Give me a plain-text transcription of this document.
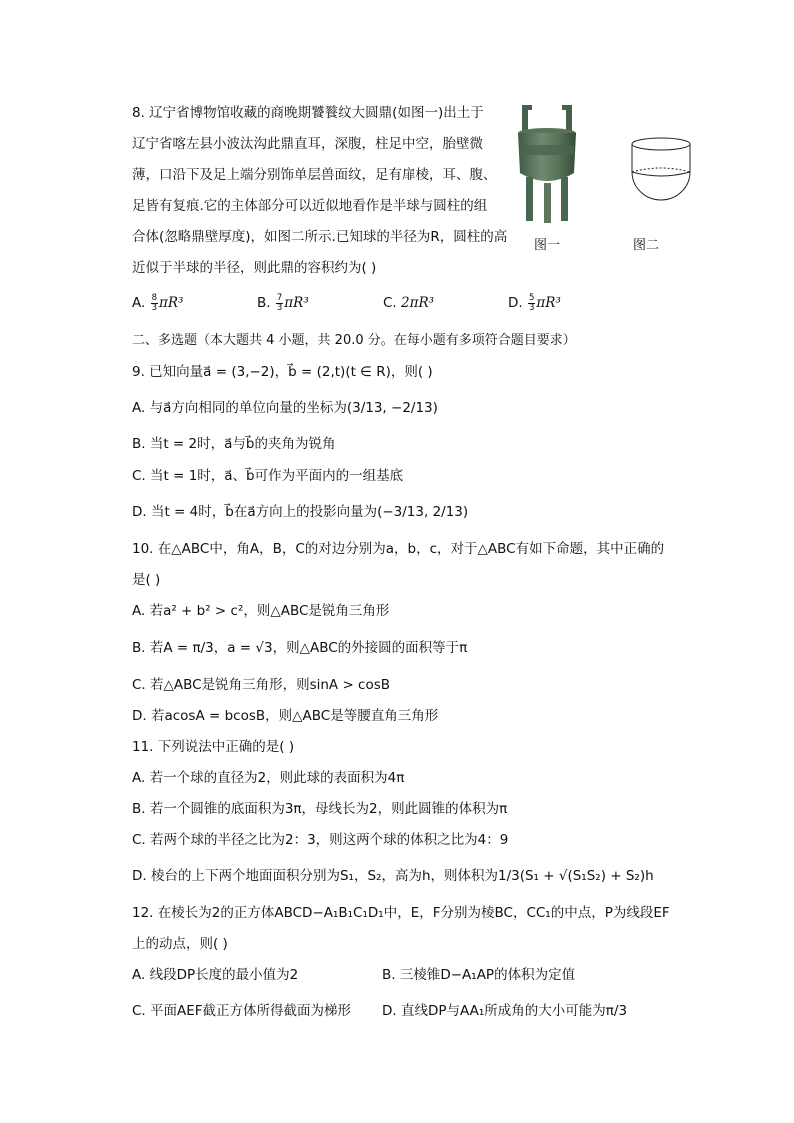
8. 辽宁省博物馆收藏的商晚期饕餮纹大圆鼎(如图一)出土于
辽宁省喀左县小波汰沟此鼎直耳，深腹，柱足中空，胎壁微
薄，口沿下及足上端分别饰单层兽面纹，足有扉棱，耳、腹、
足皆有复痕.它的主体部分可以近似地看作是半球与圆柱的组
合体(忽略鼎壁厚度)，如图二所示.已知球的半径为R，圆柱的高
近似于半球的半径，则此鼎的容积约为( )
图一	图二
A. $\frac{8}{3} \pi R^3$	B. $\frac{7}{3} \pi R^3$	C. 2πR³	D. $\frac{5}{3} \pi R^3$
二、多选题（本大题共 4 小题，共 20.0 分。在每小题有多项符合题目要求）
9. 已知向量a⃗ = (3,−2)，b⃗ = (2,t)(t ∈ R)，则( )
A. 与a⃗方向相同的单位向量的坐标为(3/13, −2/13)
B. 当t = 2时，a⃗与b⃗的夹角为锐角
C. 当t = 1时，a⃗、b⃗可作为平面内的一组基底
D. 当t = 4时，b⃗在a⃗方向上的投影向量为(−3/13, 2/13)
10. 在△ABC中，角A，B，C的对边分别为a，b，c，对于△ABC有如下命题，其中正确的
是( )
A. 若a² + b² > c²，则△ABC是锐角三角形
B. 若A = π/3，a = √3，则△ABC的外接圆的面积等于π
C. 若△ABC是锐角三角形，则sinA > cosB
D. 若acosA = bcosB，则△ABC是等腰直角三角形
11. 下列说法中正确的是( )
A. 若一个球的直径为2，则此球的表面积为4π
B. 若一个圆锥的底面积为3π，母线长为2，则此圆锥的体积为π
C. 若两个球的半径之比为2：3，则这两个球的体积之比为4：9
D. 棱台的上下两个地面面积分别为S₁，S₂，高为h，则体积为1/3(S₁ + √(S₁S₂) + S₂)h
12. 在棱长为2的正方体ABCD−A₁B₁C₁D₁中，E，F分别为棱BC，CC₁的中点，P为线段EF
上的动点，则( )
A. 线段DP长度的最小值为2	B. 三棱锥D−A₁AP的体积为定值
C. 平面AEF截正方体所得截面为梯形 D. 直线DP与AA₁所成角的大小可能为π/3
